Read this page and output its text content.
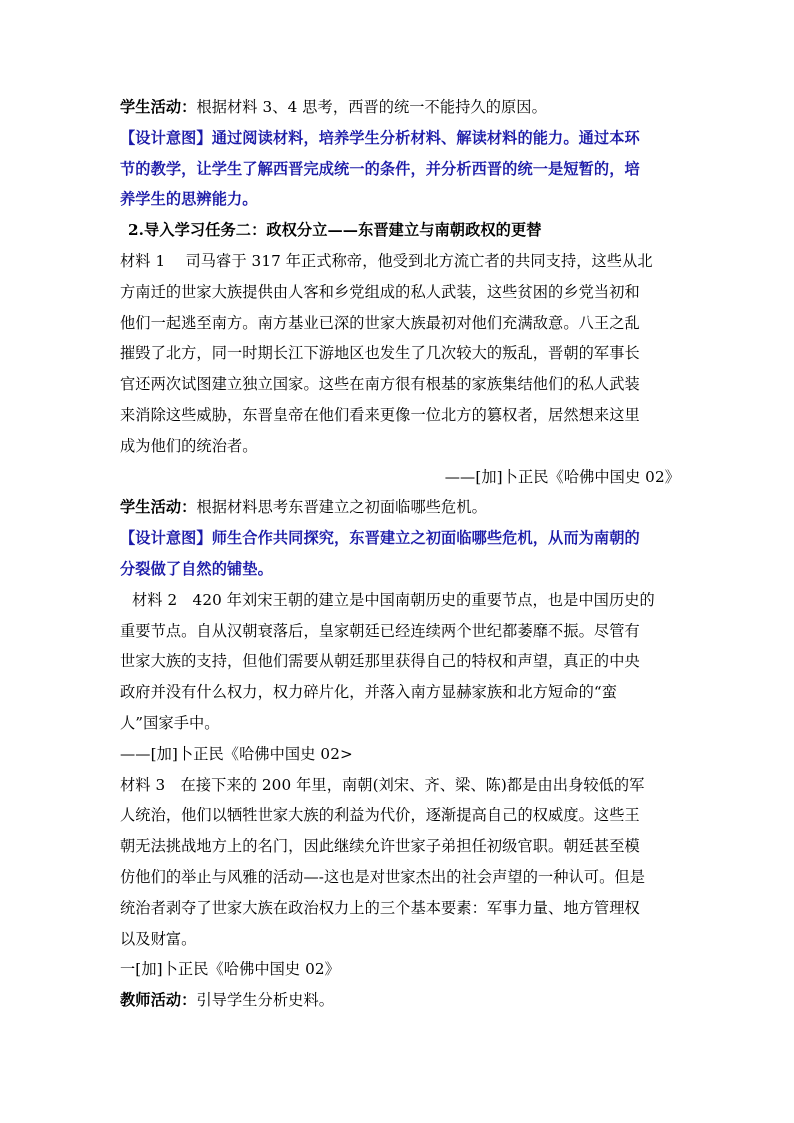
学生活动：根据材料 3、4 思考，西晋的统一不能持久的原因。
【设计意图】通过阅读材料，培养学生分析材料、解读材料的能力。通过本环
节的教学，让学生了解西晋完成统一的条件，并分析西晋的统一是短暂的，培
养学生的思辨能力。
2.导入学习任务二：政权分立——东晋建立与南朝政权的更替
材料 1　 司马睿于 317 年正式称帝，他受到北方流亡者的共同支持，这些从北
方南迁的世家大族提供由人客和乡党组成的私人武装，这些贫困的乡党当初和
他们一起逃至南方。南方基业已深的世家大族最初对他们充满敌意。八王之乱
摧毁了北方，同一时期长江下游地区也发生了几次较大的叛乱，晋朝的军事长
官还两次试图建立独立国家。这些在南方很有根基的家族集结他们的私人武装
来消除这些威胁，东晋皇帝在他们看来更像一位北方的篡权者，居然想来这里
成为他们的统治者。
——[加]卜正民《哈佛中国史 02》
学生活动：根据材料思考东晋建立之初面临哪些危机。
【设计意图】师生合作共同探究，东晋建立之初面临哪些危机，从而为南朝的
分裂做了自然的铺垫。
材料 2　420 年刘宋王朝的建立是中国南朝历史的重要节点，也是中国历史的
重要节点。自从汉朝衰落后，皇家朝廷已经连续两个世纪都萎靡不振。尽管有
世家大族的支持，但他们需要从朝廷那里获得自己的特权和声望，真正的中央
政府并没有什么权力，权力碎片化，并落入南方显赫家族和北方短命的“蛮
人”国家手中。
——[加]卜正民《哈佛中国史 02>
材料 3　在接下来的 200 年里，南朝(刘宋、齐、梁、陈)都是由出身较低的军
人统治，他们以牺牲世家大族的利益为代价，逐渐提高自己的权威度。这些王
朝无法挑战地方上的名门，因此继续允许世家子弟担任初级官职。朝廷甚至模
仿他们的举止与风雅的活动—-这也是对世家杰出的社会声望的一种认可。但是
统治者剥夺了世家大族在政治权力上的三个基本要素：军事力量、地方管理权
以及财富。
一[加]卜正民《哈佛中国史 02》
教师活动：引导学生分析史料。
